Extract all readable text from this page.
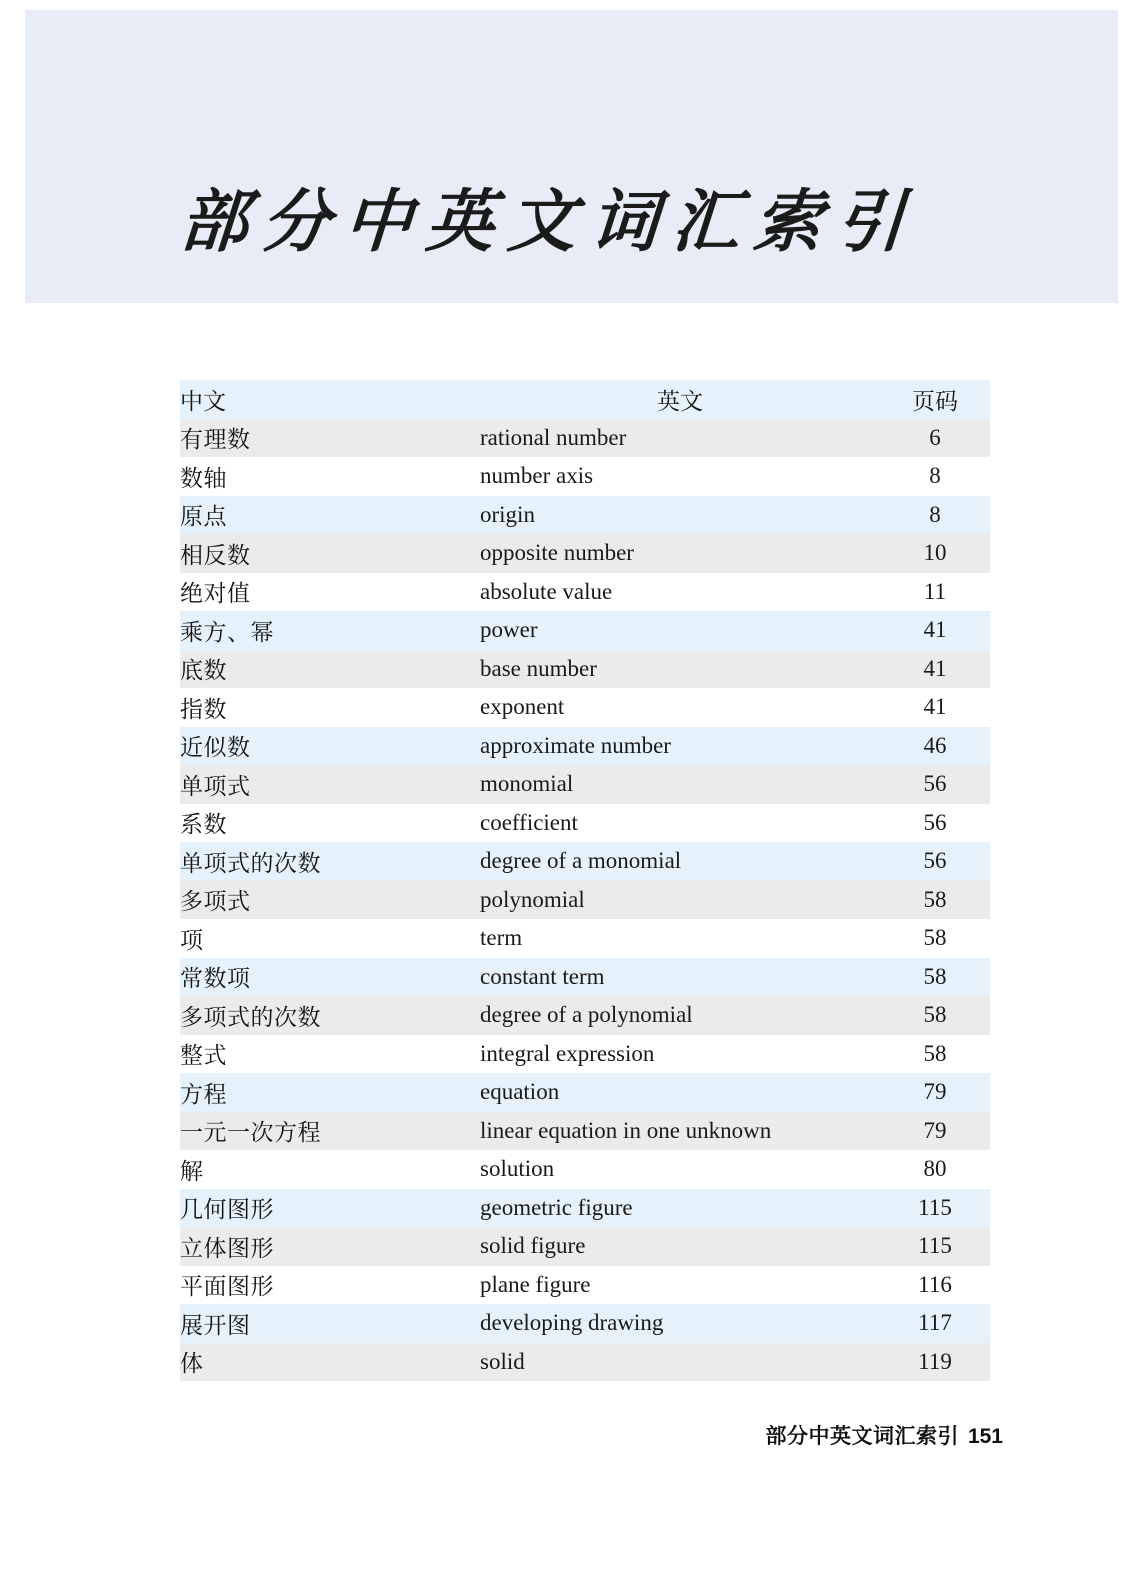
部分中英文词汇索引
中文	英文	页码
有理数	rational number	6
数轴	number axis	8
原点	origin	8
相反数	opposite number	10
绝对值	absolute value	11
乘方、幂	power	41
底数	base number	41
指数	exponent	41
近似数	approximate number	46
单项式	monomial	56
系数	coefficient	56
单项式的次数	degree of a monomial	56
多项式	polynomial	58
项	term	58
常数项	constant term	58
多项式的次数	degree of a polynomial	58
整式	integral expression	58
方程	equation	79
一元一次方程	linear equation in one unknown	79
解	solution	80
几何图形	geometric figure	115
立体图形	solid figure	115
平面图形	plane figure	116
展开图	developing drawing	117
体	solid	119
部分中英文词汇索引 151
